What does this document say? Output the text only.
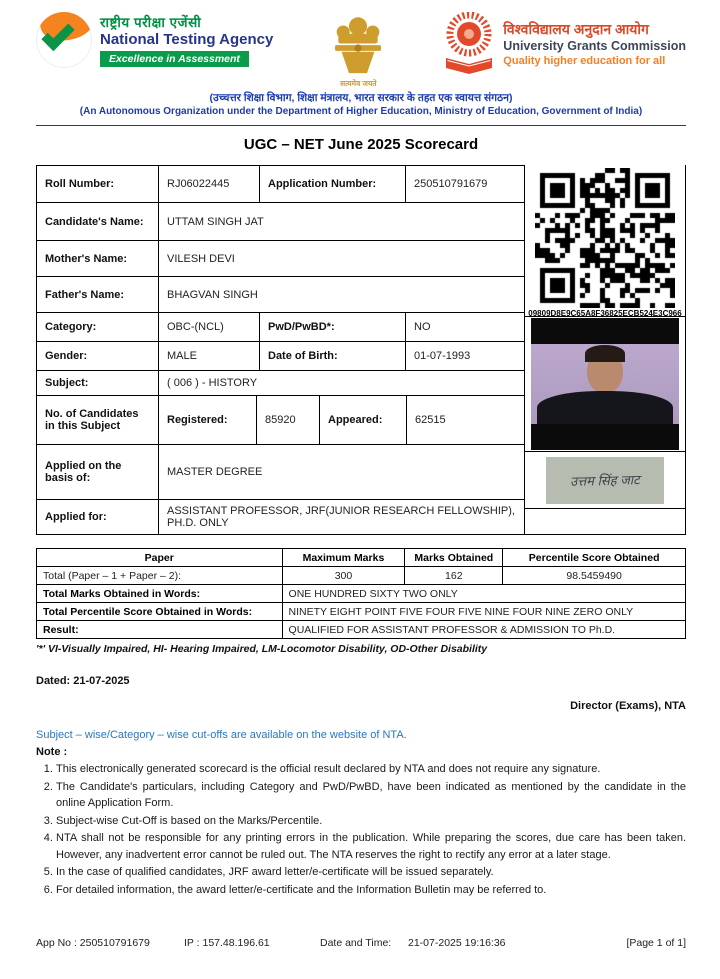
राष्ट्रीय परीक्षा एजेंसी
National Testing Agency
Excellence in Assessment
सत्यमेव जयते
विश्वविद्यालय अनुदान आयोग
University Grants Commission
Quality higher education for all
(उच्चत्तर शिक्षा विभाग, शिक्षा मंत्रालय, भारत सरकार के तहत एक स्वायत्त संगठन)
(An Autonomous Organization under the Department of Higher Education, Ministry of Education, Government of India)
UGC – NET June 2025 Scorecard
Roll Number:	RJ06022445	Application Number:	250510791679
Candidate's Name:	UTTAM SINGH JAT
Mother's Name:	VILESH DEVI
Father's Name:	BHAGVAN SINGH
Category:	OBC-(NCL)	PwD/PwBD*:	NO
Gender:	MALE	Date of Birth:	01-07-1993
Subject:	( 006 ) - HISTORY
No. of Candidates in this Subject	Registered:	85920	Appeared:	62515
Applied on the basis of:	MASTER DEGREE
Applied for:	ASSISTANT PROFESSOR, JRF(JUNIOR RESEARCH FELLOWSHIP), PH.D. ONLY
09809D8E9C65A8F36825ECB524E3C966
उत्तम सिंह जाट
Paper	Maximum Marks	Marks Obtained	Percentile Score Obtained
Total (Paper – 1 + Paper – 2):	300	162	98.5459490
Total Marks Obtained in Words:	ONE HUNDRED SIXTY TWO ONLY		
Total Percentile Score Obtained in Words:	NINETY EIGHT POINT FIVE FOUR FIVE NINE FOUR NINE ZERO ONLY		
Result:	QUALIFIED FOR ASSISTANT PROFESSOR & ADMISSION TO Ph.D.		
'*' VI-Visually Impaired, HI- Hearing Impaired, LM-Locomotor Disability, OD-Other Disability
Dated: 21-07-2025
Director (Exams), NTA
Subject – wise/Category – wise cut-offs are available on the website of NTA.
Note :
1. This electronically generated scorecard is the official result declared by NTA and does not require any signature.
2. The Candidate's particulars, including Category and PwD/PwBD, have been indicated as mentioned by the candidate in the online Application Form.
3. Subject-wise Cut-Off is based on the Marks/Percentile.
4. NTA shall not be responsible for any printing errors in the publication. While preparing the scores, due care has been taken. However, any inadvertent error cannot be ruled out. The NTA reserves the right to rectify any error at a later stage.
5. In the case of qualified candidates, JRF award letter/e-certificate will be issued separately.
6. For detailed information, the award letter/e-certificate and the Information Bulletin may be referred to.
App No : 250510791679	IP : 157.48.196.61	Date and Time:	21-07-2025 19:16:36	[Page 1 of 1]
